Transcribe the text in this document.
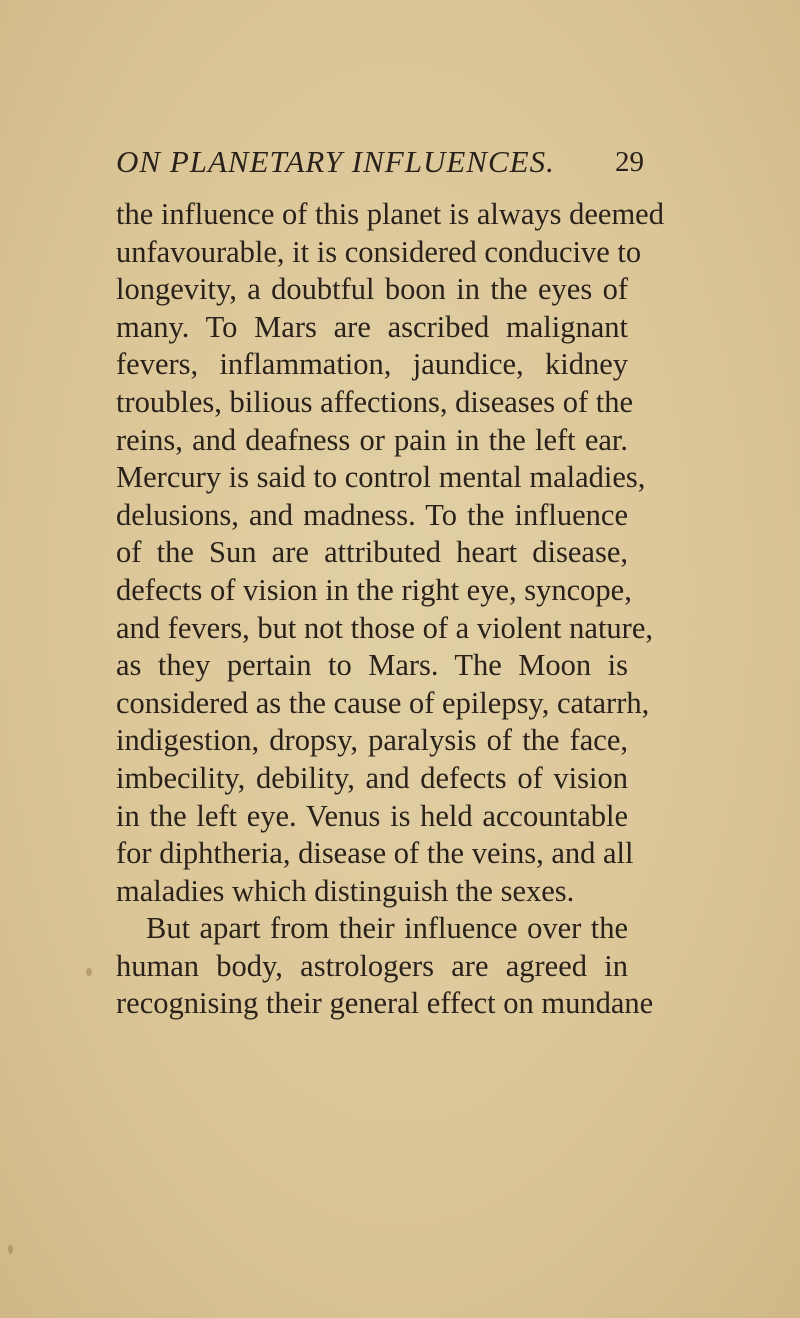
ON PLANETARY INFLUENCES. 29
the influence of this planet is always deemed
unfavourable, it is considered conducive to
longevity, a doubtful boon in the eyes of
many. To Mars are ascribed malignant
fevers, inflammation, jaundice, kidney
troubles, bilious affections, diseases of the
reins, and deafness or pain in the left ear.
Mercury is said to control mental maladies,
delusions, and madness. To the influence
of the Sun are attributed heart disease,
defects of vision in the right eye, syncope,
and fevers, but not those of a violent nature,
as they pertain to Mars. The Moon is
considered as the cause of epilepsy, catarrh,
indigestion, dropsy, paralysis of the face,
imbecility, debility, and defects of vision
in the left eye. Venus is held accountable
for diphtheria, disease of the veins, and all
maladies which distinguish the sexes.
But apart from their influence over the
human body, astrologers are agreed in
recognising their general effect on mundane
